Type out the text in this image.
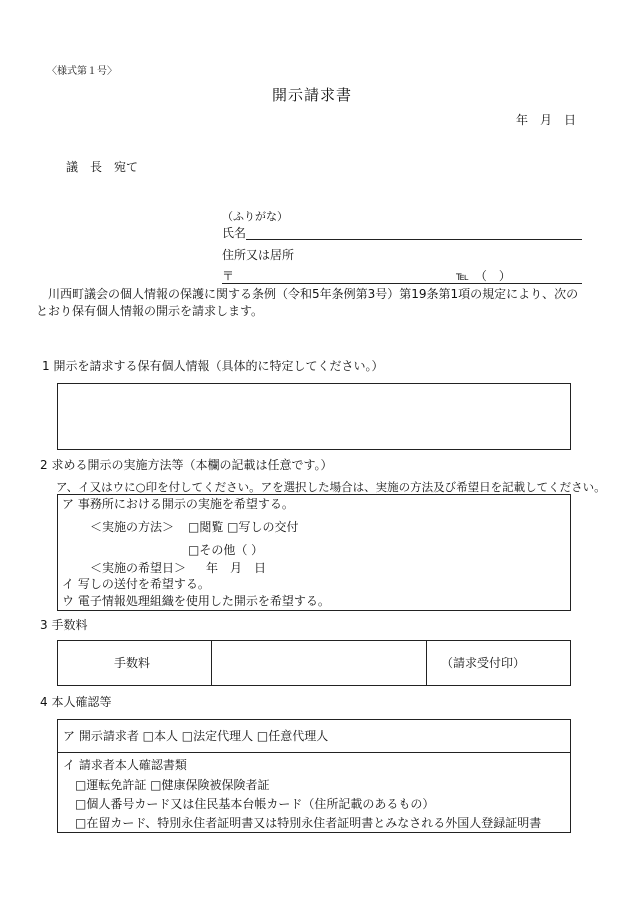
〈様式第１号〉
開示請求書
年　月　日
議　長　宛て
（ふりがな）
氏名
住所又は居所
〒	℡　（　）
　川西町議会の個人情報の保護に関する条例（令和5年条例第3号）第19条第1項の規定により、次のとおり保有個人情報の開示を請求します。
1 開示を請求する保有個人情報（具体的に特定してください。）
2 求める開示の実施方法等（本欄の記載は任意です。）
ア、イ又はウに○印を付してください。アを選択した場合は、実施の方法及び希望日を記載してください。
ア 事務所における開示の実施を希望する。
＜実施の方法＞ □閲覧 □写しの交付
□その他（ ）
＜実施の希望日＞ 年　月　日
イ 写しの送付を希望する。
ウ 電子情報処理組織を使用した開示を希望する。
3 手数料
手数料	（請求受付印）
4 本人確認等
ア 開示請求者 □本人 □法定代理人 □任意代理人
イ 請求者本人確認書類
□運転免許証 □健康保険被保険者証
□個人番号カード又は住民基本台帳カード（住所記載のあるもの）
□在留カード、特別永住者証明書又は特別永住者証明書とみなされる外国人登録証明書
